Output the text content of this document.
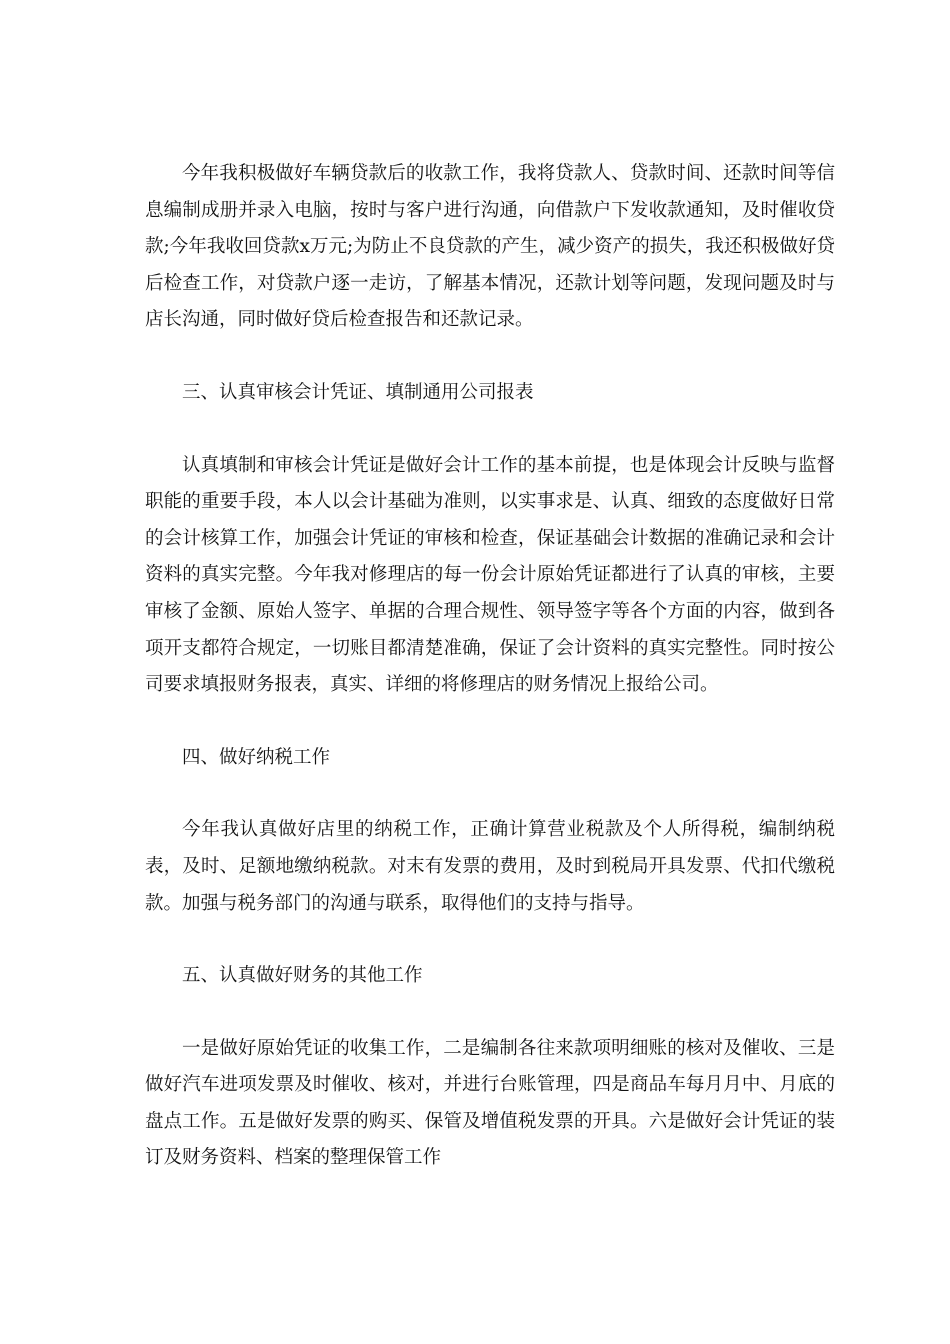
今年我积极做好车辆贷款后的收款工作，我将贷款人、贷款时间、还款时间等信息编制成册并录入电脑，按时与客户进行沟通，向借款户下发收款通知，及时催收贷款;今年我收回贷款x万元;为防止不良贷款的产生，减少资产的损失，我还积极做好贷后检查工作，对贷款户逐一走访，了解基本情况，还款计划等问题，发现问题及时与店长沟通，同时做好贷后检查报告和还款记录。

三、认真审核会计凭证、填制通用公司报表

认真填制和审核会计凭证是做好会计工作的基本前提，也是体现会计反映与监督职能的重要手段，本人以会计基础为准则，以实事求是、认真、细致的态度做好日常的会计核算工作，加强会计凭证的审核和检查，保证基础会计数据的准确记录和会计资料的真实完整。今年我对修理店的每一份会计原始凭证都进行了认真的审核，主要审核了金额、原始人签字、单据的合理合规性、领导签字等各个方面的内容，做到各项开支都符合规定，一切账目都清楚准确，保证了会计资料的真实完整性。同时按公司要求填报财务报表，真实、详细的将修理店的财务情况上报给公司。

四、做好纳税工作

今年我认真做好店里的纳税工作，正确计算营业税款及个人所得税，编制纳税表，及时、足额地缴纳税款。对末有发票的费用，及时到税局开具发票、代扣代缴税款。加强与税务部门的沟通与联系，取得他们的支持与指导。

五、认真做好财务的其他工作

一是做好原始凭证的收集工作，二是编制各往来款项明细账的核对及催收、三是做好汽车进项发票及时催收、核对，并进行台账管理，四是商品车每月月中、月底的盘点工作。五是做好发票的购买、保管及增值税发票的开具。六是做好会计凭证的装订及财务资料、档案的整理保管工作
